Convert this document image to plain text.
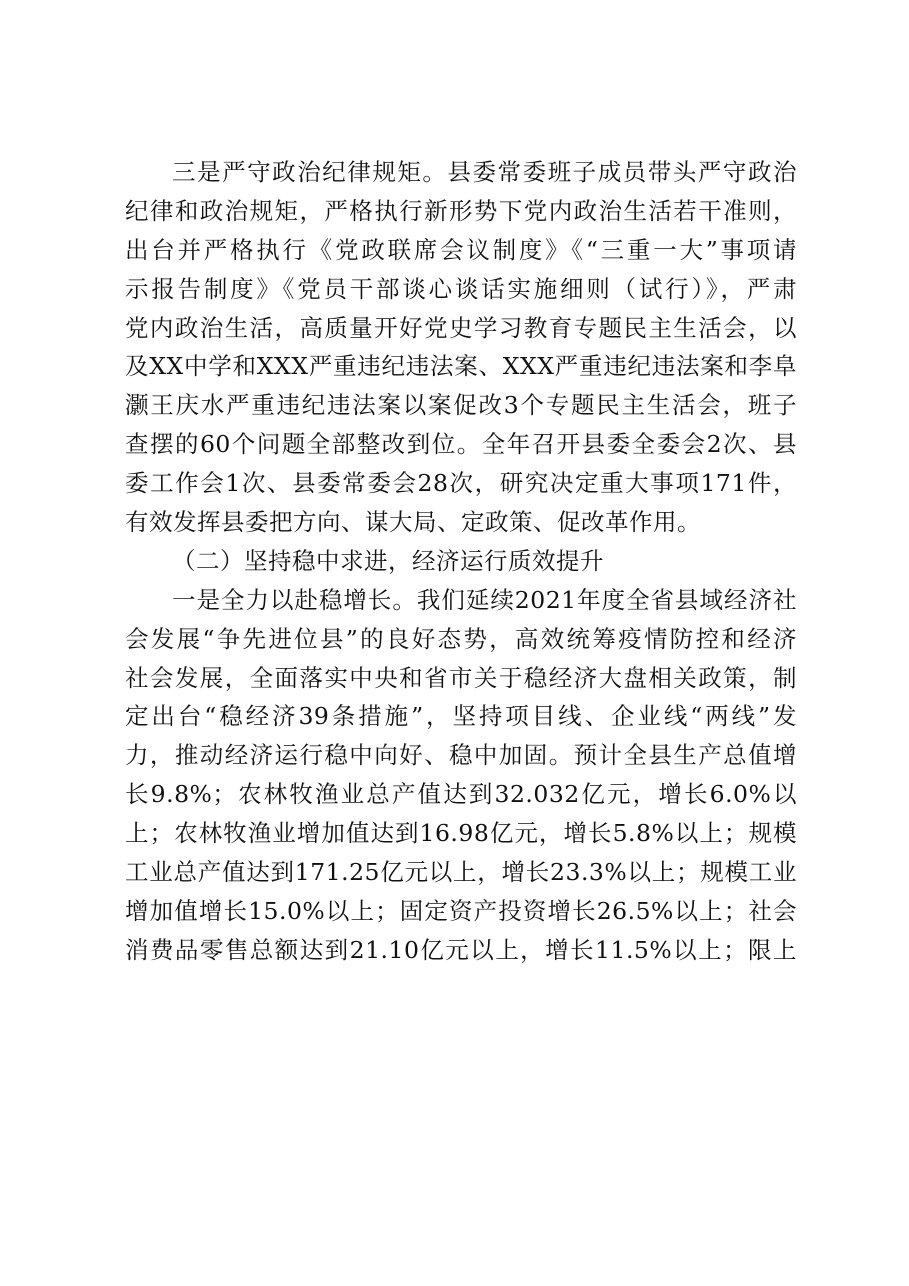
三是严守政治纪律规矩。县委常委班子成员带头严守政治
纪律和政治规矩，严格执行新形势下党内政治生活若干准则，
出台并严格执行《党政联席会议制度》《“三重一大”事项请
示报告制度》《党员干部谈心谈话实施细则（试行）》，严肃
党内政治生活，高质量开好党史学习教育专题民主生活会，以
及XX中学和XXX严重违纪违法案、XXX严重违纪违法案和李阜
灏王庆水严重违纪违法案以案促改3个专题民主生活会，班子
查摆的60个问题全部整改到位。全年召开县委全委会2次、县
委工作会1次、县委常委会28次，研究决定重大事项171件，
有效发挥县委把方向、谋大局、定政策、促改革作用。
（二）坚持稳中求进，经济运行质效提升
一是全力以赴稳增长。我们延续2021年度全省县域经济社
会发展“争先进位县”的良好态势，高效统筹疫情防控和经济
社会发展，全面落实中央和省市关于稳经济大盘相关政策，制
定出台“稳经济39条措施”，坚持项目线、企业线“两线”发
力，推动经济运行稳中向好、稳中加固。预计全县生产总值增
长9.8%；农林牧渔业总产值达到32.032亿元，增长6.0%以
上；农林牧渔业增加值达到16.98亿元，增长5.8%以上；规模
工业总产值达到171.25亿元以上，增长23.3%以上；规模工业
增加值增长15.0%以上；固定资产投资增长26.5%以上；社会
消费品零售总额达到21.10亿元以上，增长11.5%以上；限上
